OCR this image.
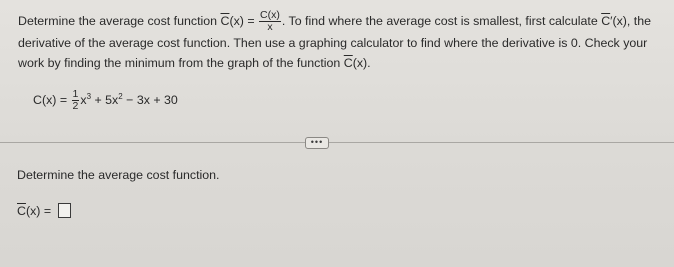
Determine the average cost function $\overline{C}(x) = \frac{C(x)}{x}$ . To find where the average cost is smallest, first calculate $\overline{C}'(x)$, the derivative of the average cost function. Then use a graphing calculator to find where the derivative is 0. Check your work by finding the minimum from the graph of the function $\overline{C}(x)$.
$C(x) = \frac{1}{2} x^3 + 5x^2 - 3x + 30$
•••
Determine the average cost function.
$\overline{C}(x)$ =
